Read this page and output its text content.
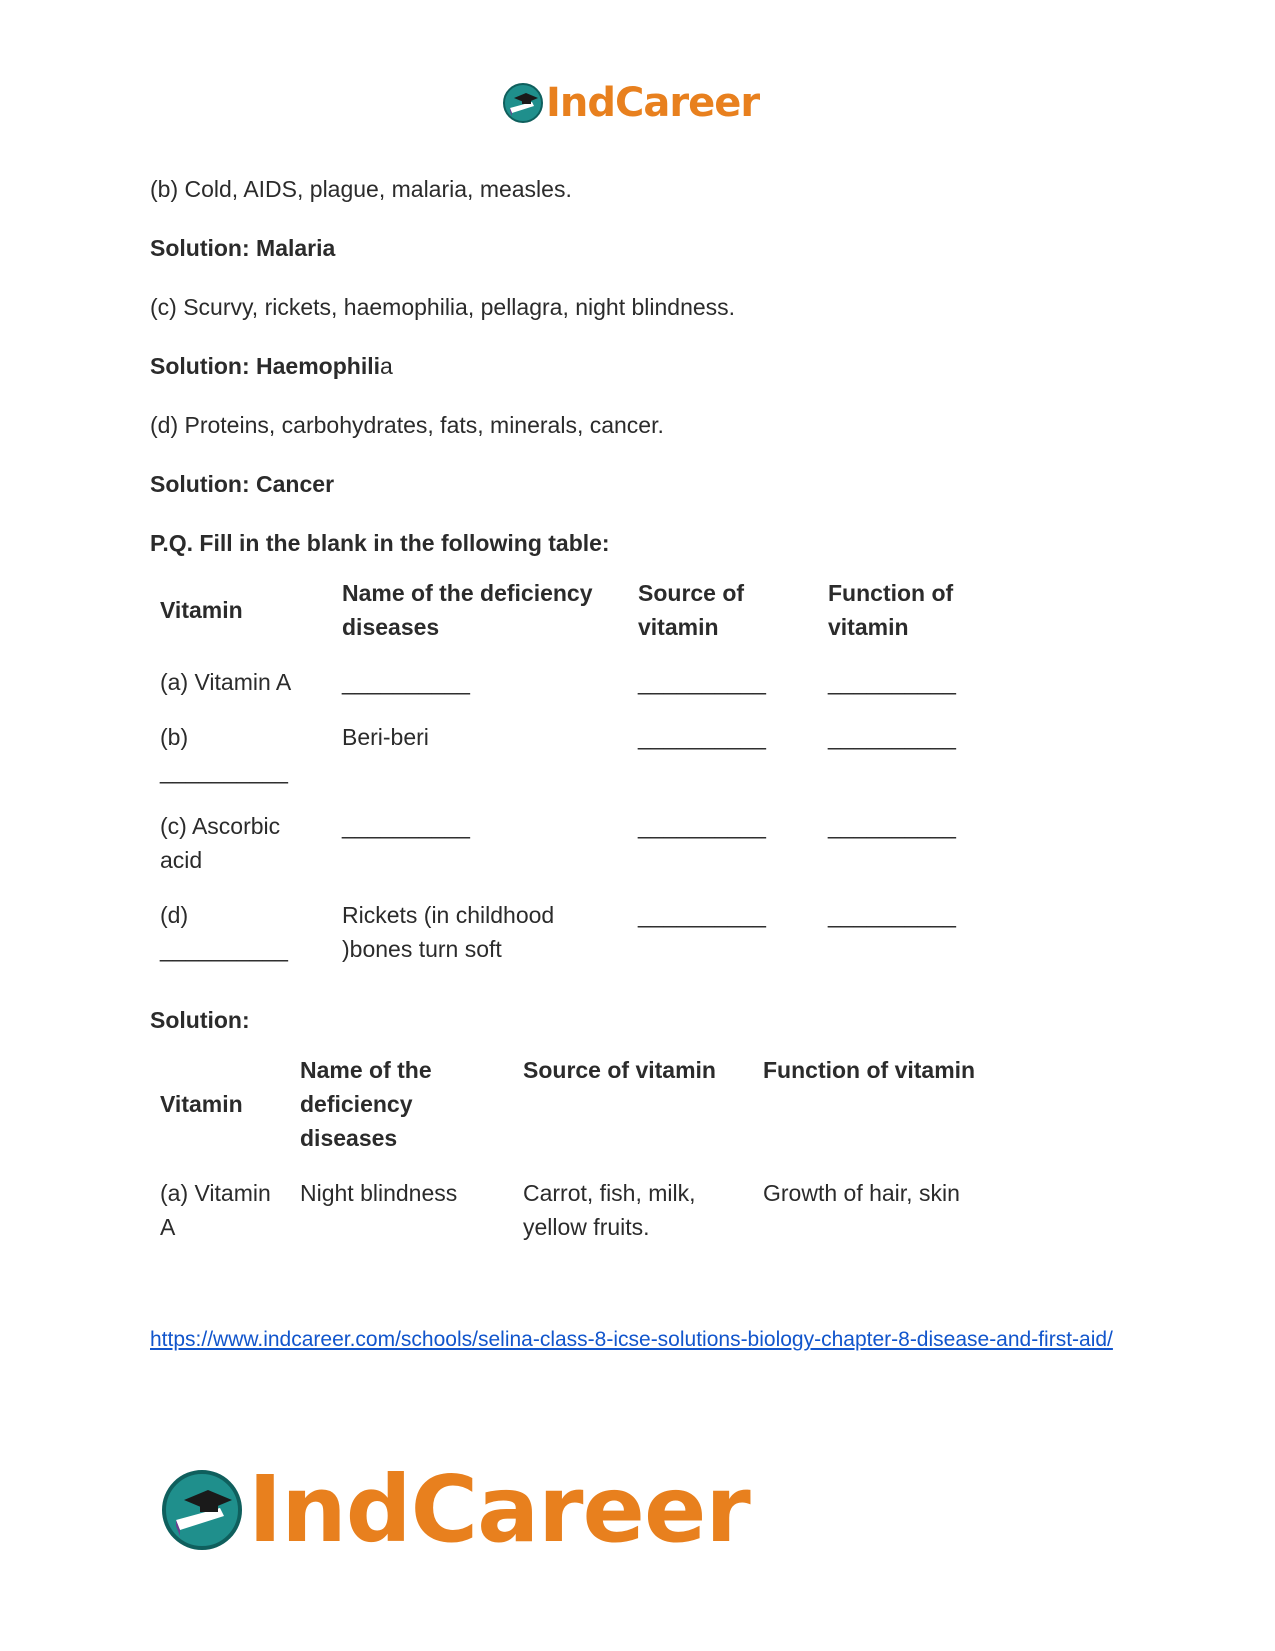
IndCareer

(b) Cold, AIDS, plague, malaria, measles.

Solution: Malaria

(c) Scurvy, rickets, haemophilia, pellagra, night blindness.

Solution: Haemophilia

(d) Proteins, carbohydrates, fats, minerals, cancer.

Solution: Cancer

P.Q. Fill in the blank in the following table:

Vitamin	Name of the deficiency diseases	Source of vitamin	Function of vitamin
(a) Vitamin A	__________	__________	__________
(b) __________	Beri-beri	__________	__________
(c) Ascorbic acid	__________	__________	__________
(d) __________	Rickets (in childhood )bones turn soft	__________	__________

Solution:

Vitamin	Name of the deficiency diseases	Source of vitamin	Function of vitamin
(a) Vitamin A	Night blindness	Carrot, fish, milk, yellow fruits.	Growth of hair, skin
https://www.indcareer.com/schools/selina-class-8-icse-solutions-biology-chapter-8-disease-and-first-aid/
IndCareer
